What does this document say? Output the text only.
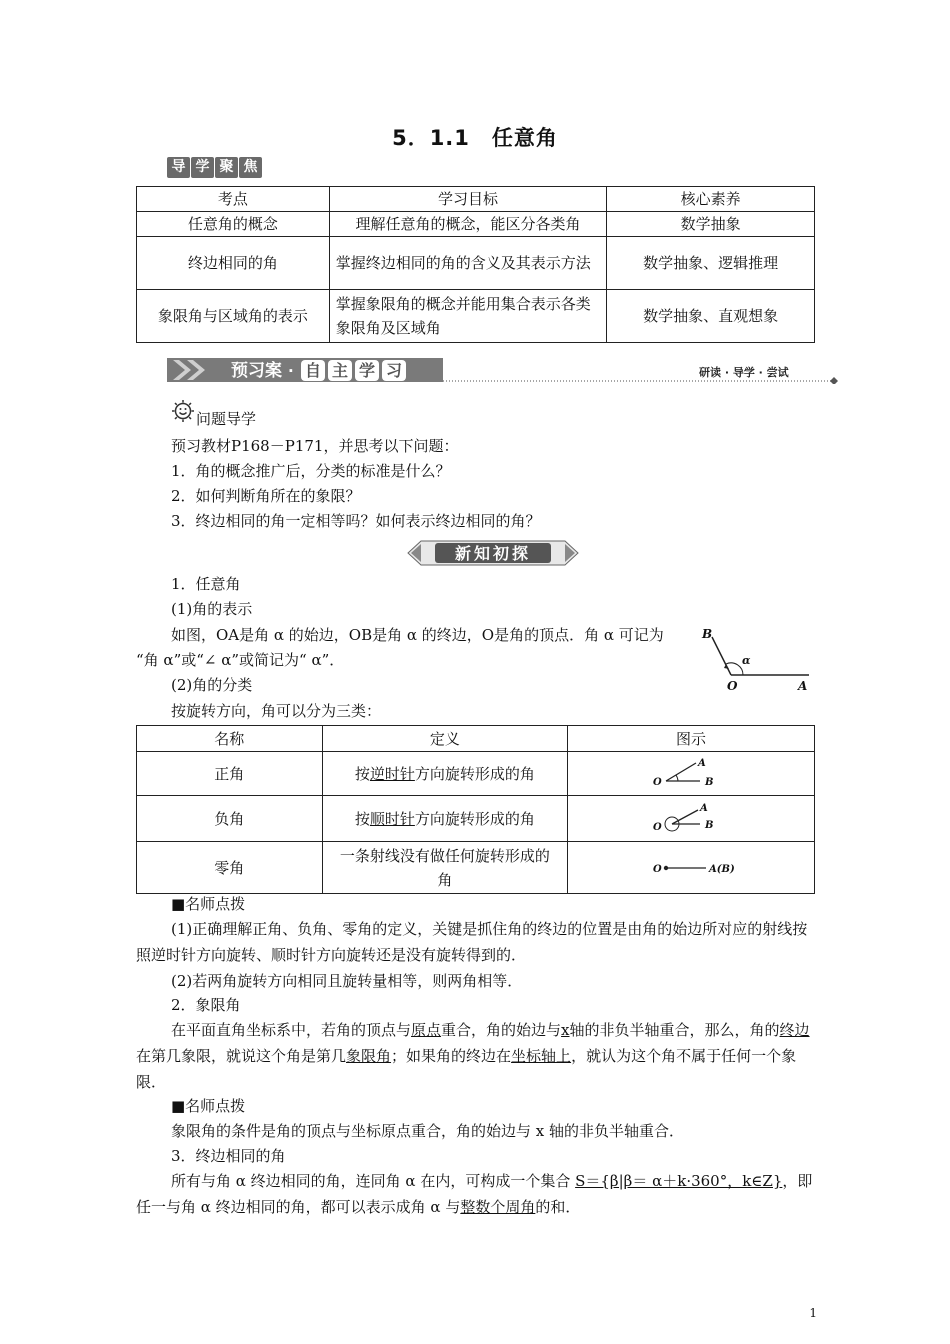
5．1.1　任意角
导 学 聚 焦
考点	学习目标	核心素养
任意角的概念	理解任意角的概念，能区分各类角	数学抽象
终边相同的角	掌握终边相同的角的含义及其表示方法	数学抽象、逻辑推理
象限角与区域角的表示	掌握象限角的概念并能用集合表示各类象限角及区域角	数学抽象、直观想象
预习案 · 自 主 学 习	研读 · 导学 · 尝试
问题导学
预习教材P168－P171，并思考以下问题：
1．角的概念推广后，分类的标准是什么？
2．如何判断角所在的象限？
3．终边相同的角一定相等吗？如何表示终边相同的角？
新知初探
1．任意角
(1)角的表示
如图，OA是角 α 的始边，OB是角 α 的终边，O是角的顶点．角 α 可记为
“角 α”或“∠ α”或简记为“ α”．
B
O	A
α
(2)角的分类
按旋转方向，角可以分为三类：
名称	定义	图示
正角	按逆时针方向旋转形成的角	O
A
B

负角	按顺时针方向旋转形成的角	O
A
B

零角	一条射线没有做任何旋转形成的角	O A(B)
■名师点拨
(1)正确理解正角、负角、零角的定义，关键是抓住角的终边的位置是由角的始边所对应的射线按照逆时针方向旋转、顺时针方向旋转还是没有旋转得到的．
(2)若两角旋转方向相同且旋转量相等，则两角相等．
2．象限角
在平面直角坐标系中，若角的顶点与原点重合，角的始边与x轴的非负半轴重合，那么，角的终边在第几象限，就说这个角是第几象限角；如果角的终边在坐标轴上，就认为这个角不属于任何一个象限．
■名师点拨
象限角的条件是角的顶点与坐标原点重合，角的始边与 x 轴的非负半轴重合．
3．终边相同的角
所有与角 α 终边相同的角，连同角 α 在内，可构成一个集合 S＝{β|β＝ α＋k·360°，k∈Z}，即任一与角 α 终边相同的角，都可以表示成角 α 与整数个周角的和．
1
